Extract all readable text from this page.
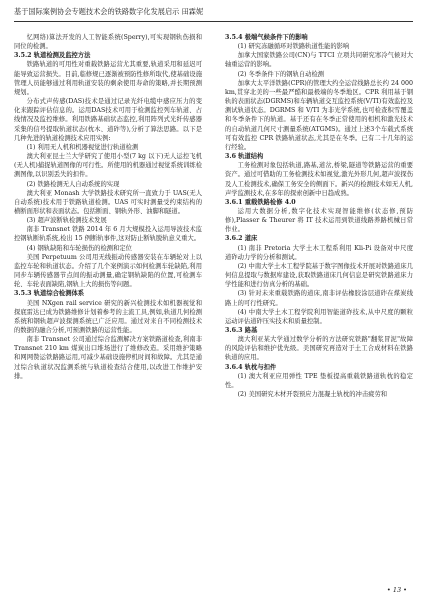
基于国际案例协会专题技术会的铁路数字化发展启示 田霖妮
忆网络)算法开发的人工智能系统(Sperry),可实现钢轨伤损和同位的检测。
3.5.2 轨道检测及监控方法
铁路轨道的可用性对重载铁路运营尤其重要,轨道采用和延迟可能导致运营损失。目前,临修规已逐渐被预防性修所取代,使基础设施管理人员能够通过利用轨道安装的剩余使用寿命的策略,并长期预测规划。
分布式声传感(DAS)技术是通过记录光纤电缆中感应压力的变化来跟踪评估信息的。运用DAS技术可用于检测监控列车轨道、占线情况及监控维修。利用铁路基础状态监控,利用阵列式光纤传感器采集的信号提取轨道状态(枕木、道砟等),分析了算法思路。以下是几种先进的轨道检测技术应用实例:
(1) 利用无人机和机器视觉进行轨道检测
澳大利亚昆士兰大学研究了使用小型(7 kg 以下)无人运控飞机(无人机)捕捉轨道图像的可行性。所使用的机器通过视觉系统训练检测图像,以识别丢失的扣件。
(2) 铁路检测无人自动系统的实现
澳大利亚 Monash 大学铁路技术研究所一直致力于 UAS(无人自动系统)技术用于铁路轨道检测。UAS 可实时测量受约束结构的横断面形状和表面状态。包括断面、钢轨外形、油脚和隧道。
(3) 超声波断轨检测技术发展
南非 Transnet 铁路 2014 年 6 月大规模投入运用导波技术监控钢轨断轨系统,检出 15 例断轨事件,这对防止断轨脱轨意义重大。
(4) 钢轨缺陷和车轮损伤的检测和定位
美国 Perpetuum 公司用无线振动传感器安装在车辆轮对上以监控车轮和轨道状态。介绍了几个案例演示如何检测车轮缺陷,利用同步车辆传感器节点间的振动测量,确定钢轨缺陷的位置,可检测车轮、车轮表面缺陷,钢轨上大的损伤等问题。
3.5.3 轨道综合检测体系
美国 NXgen rail service 研究的新兴检测技术如机器视觉和探底雷达已成为铁路维修计划着参考的主流工具,例如,轨道几何检测系统和钢轨超声波探测系统已广泛应用。通过对来自不同检测技术的数据的融合分析,可预测铁路的运营性能。
南非 Transnet 公司通过综合监测解决方案铁路道检查,利南非 Transnet 210 km 煤炭出口堆场进行了维修改造。采用维护策略和网网赞运铁路路运用,可减少基础设施停机时间和故障。尤其是通过综合轨道状况监测系统与轨道检查结合使用,以改进工作维护安排。
3.5.4 极端气候条件下的影响
(1) 研究冻融循环对铁路轨道性能的影响
加拿大国家铁路公司(CN)与 TTCI 立项共同研究寒冷气候对大轴重运营的影响。
(2) 冬季条件下的钢轨自动检测
加拿大太平洋铁路(CPR)的管理大约全运营线路总长约 24 000 km,贯穿北美的一些最严酷和最极端的冬季地区。CPR 利用基于钢轨的表面状态(DGRMS)和车辆轨道交互监控系统(V/TI)有效监控及测试轨道状态。DGRMS 和 V/TI 为非光学系统,也可检查积雪覆盖和冬季条件下的轨道。基于还有在冬季正常使用的相机和激光技术的自动轨道几何尺寸测量系统(ATGMS)。通过上述3个车载式系统可有效监控 CPR 铁路轨道状态,尤其是在冬季。已有二十几年的运行经验。
3.6 轨道结构
工务检测对象包括轨道,路基,道岔,桥梁,隧道等铁路运营的重要资产。通过可借助的工务检测技术如视觉,激光外形几何,超声波探伤及人工检测技术,确保工务安全的侧面下。新兴的检测技术如无人机,声学监测技术,在多年的探索创新中日趋成熟。
3.6.1 重载铁路检修 4.0
运用大数据分析,数字化技术实现智能维修(状态修,预防修),Plasser & Theurer 将 IT 技术运用到铁道线路养路机械日常作业。
3.6.2 道床
(1) 南非 Pretoria 大学土木工程系利用 Kli-Pi 设备对中尺度道砟动力学的分析和测试。
(2) 中南大学土木工程学院基于数字图像技术开展对铁路道床几何信息提取与数据库建设,获取铁路道床几何信息是研究铁路道床力学性能和进行仿真分析的基础。
(3) 针对未来重载铁路的道床,南非评估橡胶涂层道砟在煤炭线路上的可行性研究。
(4) 中南大学土木工程学院利用智能道砟技术,从中尺度的颗粒运动评估道砟压实技术和质量控制。
3.6.3 路基
澳大利亚某大学通过数学分析的方法研究铁路"翻浆冒泥"故障的风险评估和维护优先级。美国研究再造对于土工合成材料在铁路轨道的应用。
3.6.4 轨枕与扣件
(1) 澳大利亚应用弹性 TPE 垫板提高重载铁路道轨枕的稳定性。
(2) 美国研究木材开裂预应力混凝土轨枕的冲击疲劳和
• 13 •
